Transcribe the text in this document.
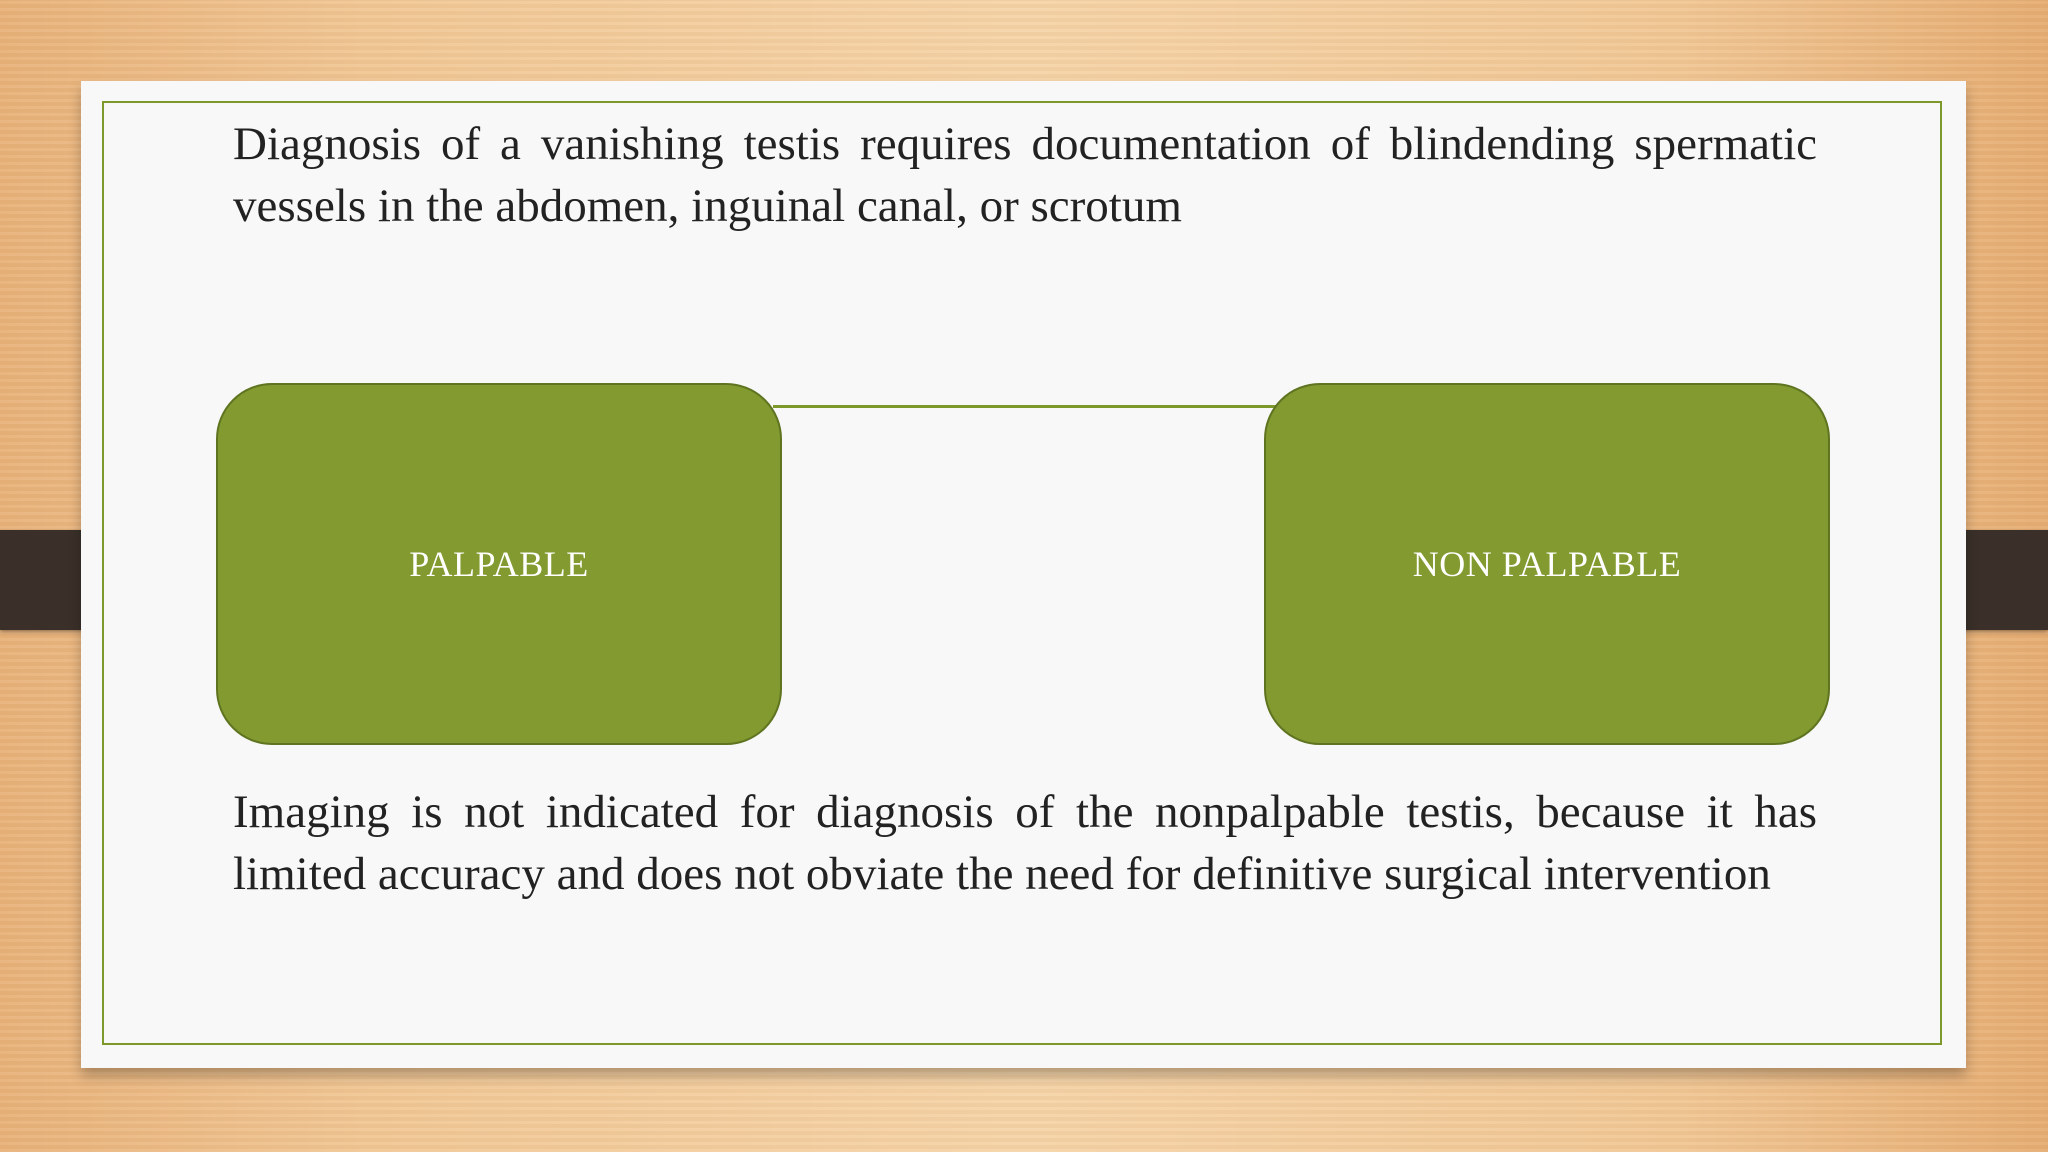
Diagnosis of a vanishing testis requires documentation of blindending spermatic vessels in the abdomen, inguinal canal, or scrotum

PALPABLE	NON PALPABLE

Imaging is not indicated for diagnosis of the nonpalpable testis, because it has limited accuracy and does not obviate the need for definitive surgical intervention
